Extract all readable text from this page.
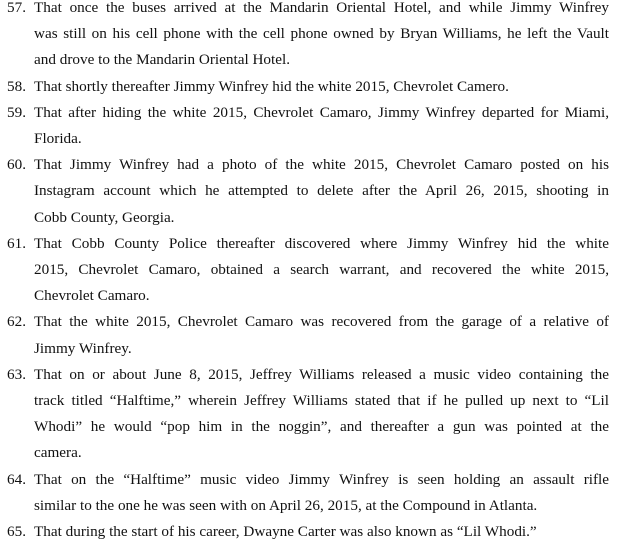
57. That once the buses arrived at the Mandarin Oriental Hotel, and while Jimmy Winfrey
was still on his cell phone with the cell phone owned by Bryan Williams, he left the Vault
and drove to the Mandarin Oriental Hotel.

58. That shortly thereafter Jimmy Winfrey hid the white 2015, Chevrolet Camero.

59. That after hiding the white 2015, Chevrolet Camaro, Jimmy Winfrey departed for Miami,
Florida.

60. That Jimmy Winfrey had a photo of the white 2015, Chevrolet Camaro posted on his
Instagram account which he attempted to delete after the April 26, 2015, shooting in
Cobb County, Georgia.

61. That Cobb County Police thereafter discovered where Jimmy Winfrey hid the white
2015, Chevrolet Camaro, obtained a search warrant, and recovered the white 2015,
Chevrolet Camaro.

62. That the white 2015, Chevrolet Camaro was recovered from the garage of a relative of
Jimmy Winfrey.

63. That on or about June 8, 2015, Jeffrey Williams released a music video containing the
track titled “Halftime,” wherein Jeffrey Williams stated that if he pulled up next to “Lil
Whodi” he would “pop him in the noggin”, and thereafter a gun was pointed at the
camera.

64. That on the “Halftime” music video Jimmy Winfrey is seen holding an assault rifle
similar to the one he was seen with on April 26, 2015, at the Compound in Atlanta.

65. That during the start of his career, Dwayne Carter was also known as “Lil Whodi.”
